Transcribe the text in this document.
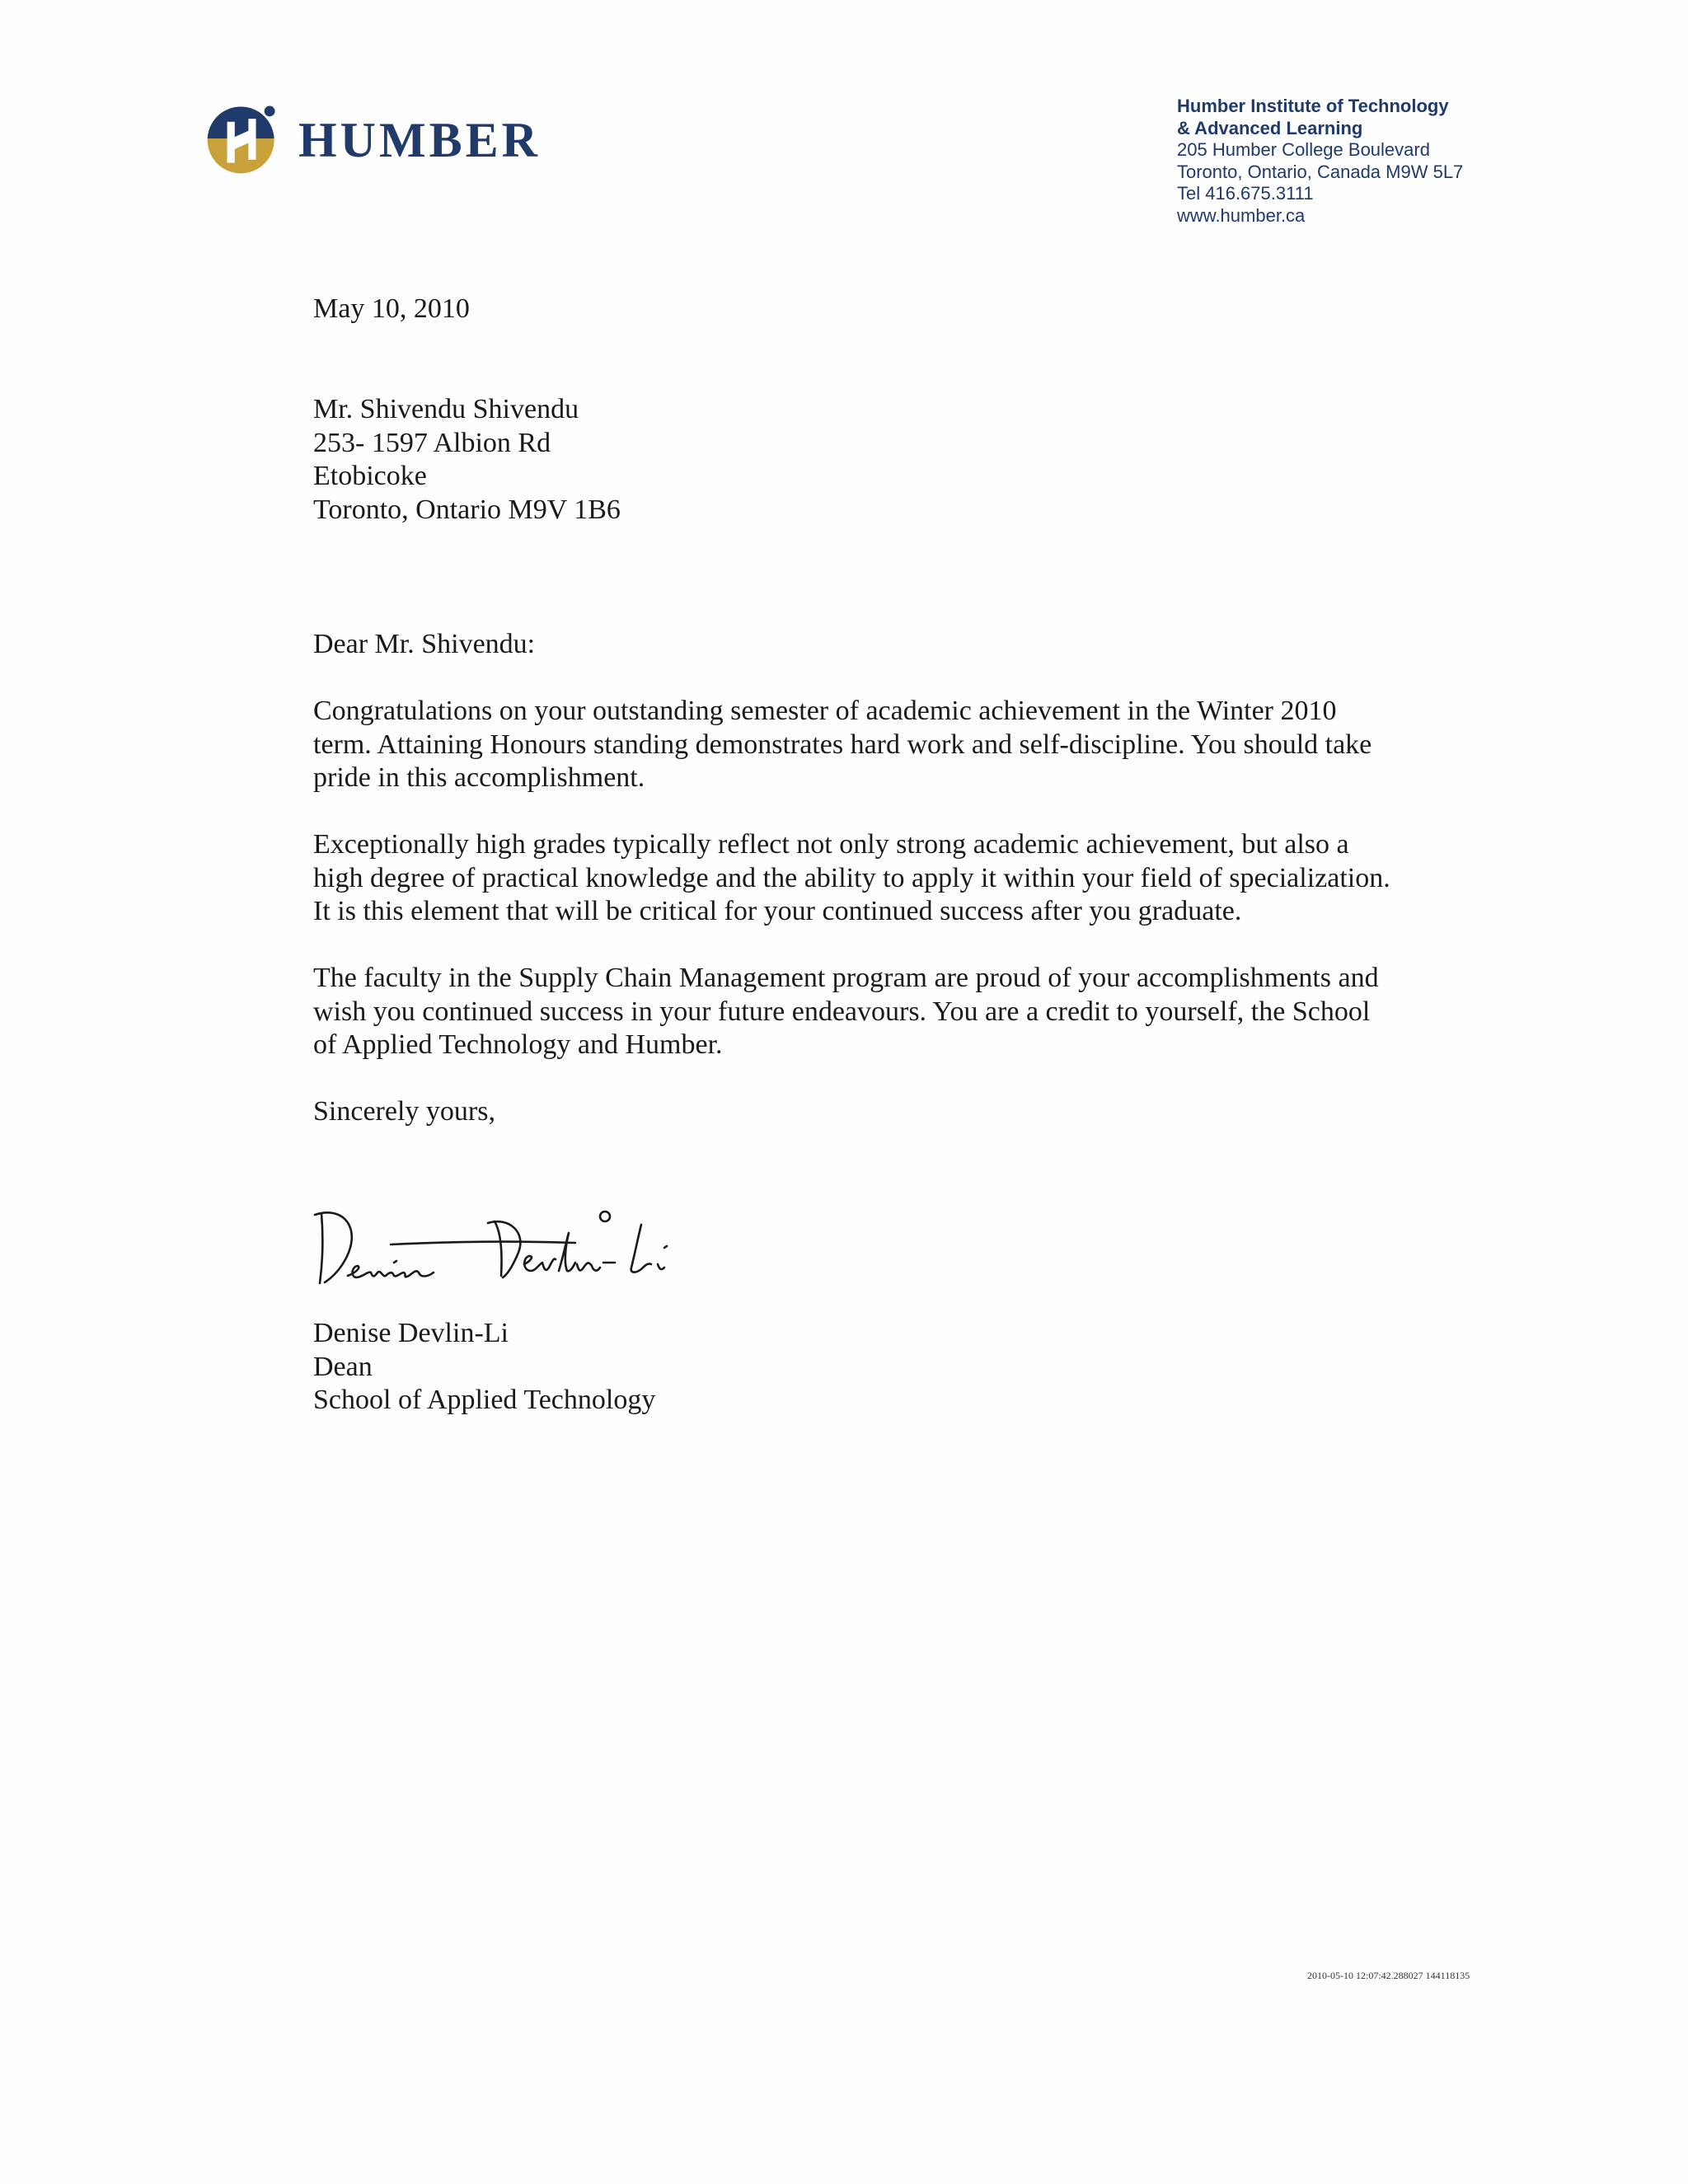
HUMBER
Humber Institute of Technology
& Advanced Learning
205 Humber College Boulevard
Toronto, Ontario, Canada M9W 5L7
Tel 416.675.3111
www.humber.ca
May 10, 2010
Mr. Shivendu Shivendu
253- 1597 Albion Rd
Etobicoke
Toronto, Ontario M9V 1B6
Dear Mr. Shivendu:
Congratulations on your outstanding semester of academic achievement in the Winter 2010
term. Attaining Honours standing demonstrates hard work and self-discipline. You should take
pride in this accomplishment.
Exceptionally high grades typically reflect not only strong academic achievement, but also a
high degree of practical knowledge and the ability to apply it within your field of specialization.
It is this element that will be critical for your continued success after you graduate.
The faculty in the Supply Chain Management program are proud of your accomplishments and
wish you continued success in your future endeavours. You are a credit to yourself, the School
of Applied Technology and Humber.
Sincerely yours,
Denise Devlin-Li
Dean
School of Applied Technology
2010-05-10 12:07:42.288027 144118135
